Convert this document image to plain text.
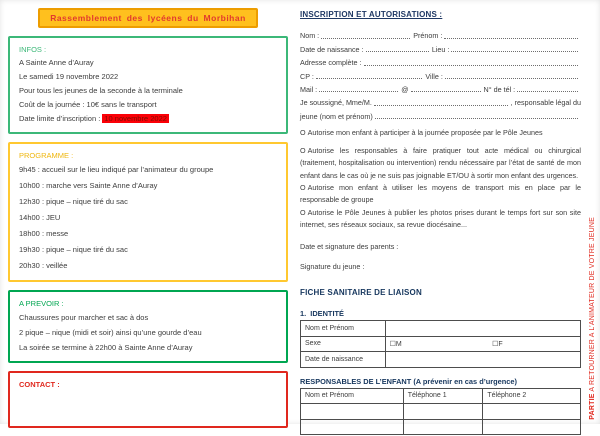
Rassemblement des lycéens du Morbihan
INFOS :
A Sainte Anne d’Auray
Le samedi 19 novembre 2022
Pour tous les jeunes de la seconde à la terminale
Coût de la journée : 10€ sans le transport
Date limite d’inscription : 10 novembre 2022
PROGRAMME :
9h45 : accueil sur le lieu indiqué par l’animateur du groupe
10h00 : marche vers Sainte Anne d’Auray
12h30 : pique – nique tiré du sac
14h00 : JEU
18h00 : messe
19h30 : pique – nique tiré du sac
20h30 : veillée
A PREVOIR :
Chaussures pour marcher et sac à dos
2 pique – nique (midi et soir) ainsi qu’une gourde d’eau
La soirée se termine à 22h00 à Sainte Anne d’Auray
CONTACT :
INSCRIPTION ET AUTORISATIONS :
Nom :	Prénom :
Date de naissance :	Lieu :
Adresse complète :
CP :	Ville :
Mail :	@	N° de tél :
Je soussigné, Mme/M.	, responsable légal du
jeune (nom et prénom)

O Autorise mon enfant à participer à la journée proposée par le Pôle Jeunes

O Autorise les responsables à faire pratiquer tout acte médical ou chirurgical (traitement, hospitalisation ou intervention) rendu nécessaire par l’état de santé de mon enfant dans le cas où je ne suis pas joignable ET/OU à sortir mon enfant des urgences.

O Autorise mon enfant à utiliser les moyens de transport mis en place par le responsable de groupe

O Autorise le Pôle Jeunes à publier les photos prises durant le temps fort sur son site internet, ses réseaux sociaux, sa revue diocésaine...

Date et signature des parents :
Signature du jeune :
FICHE SANITAIRE DE LIAISON
1.  IDENTITÉ
Nom et Prénom	
Sexe	☐M ☐F
Date de naissance	
RESPONSABLES DE L’ENFANT (A prévenir en cas d’urgence)
Nom et Prénom	Téléphone 1	Téléphone 2

			PARTIE A RETOURNER A L’ANIMATEUR DE VOTRE JEUNE
